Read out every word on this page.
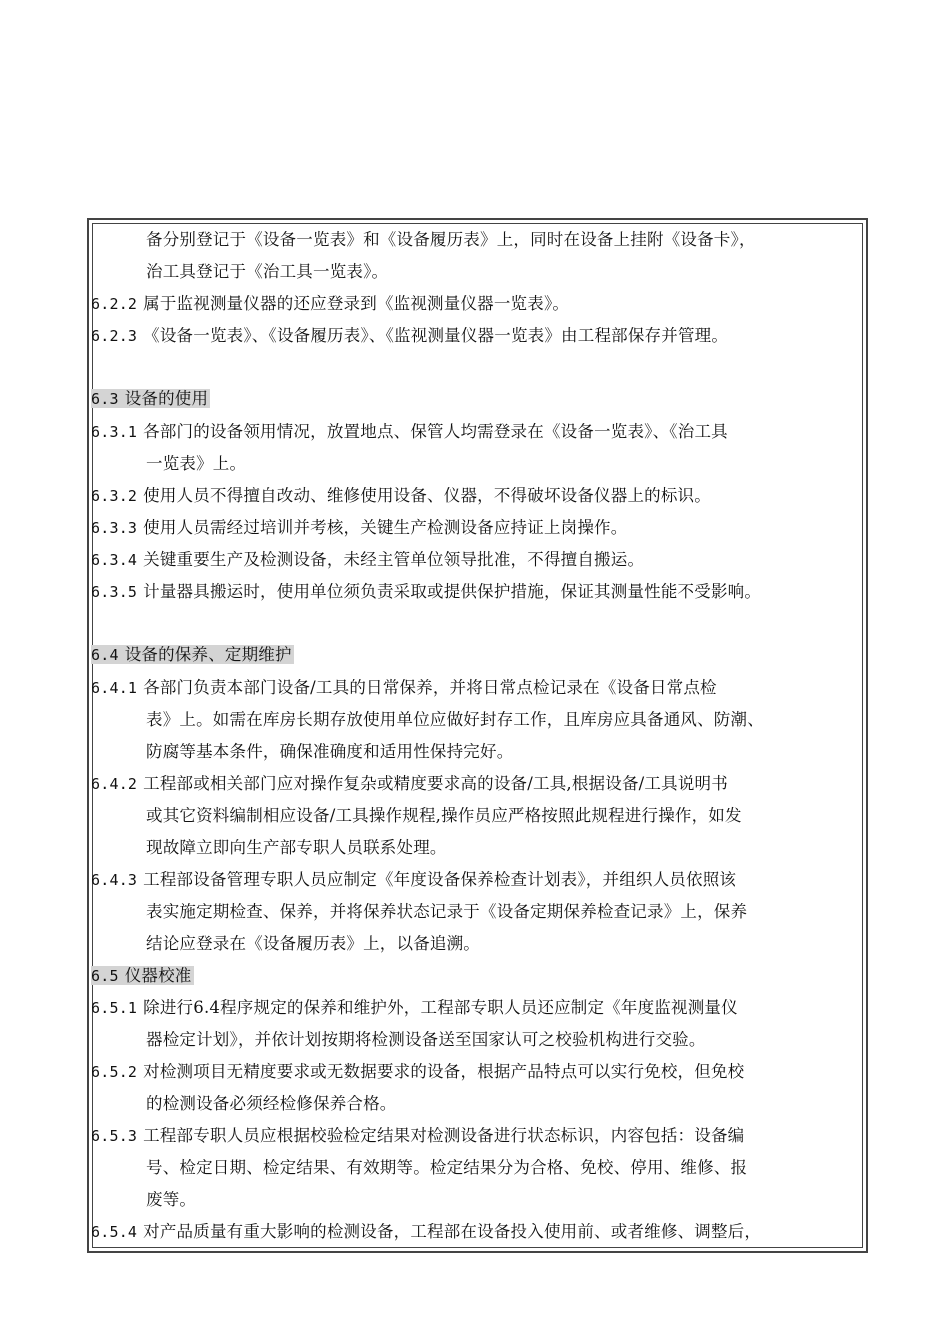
备分别登记于《设备一览表》和《设备履历表》上，同时在设备上挂附《设备卡》，
治工具登记于《治工具一览表》。
6.2.2 属于监视测量仪器的还应登录到《监视测量仪器一览表》。
6.2.3 《设备一览表》、《设备履历表》、《监视测量仪器一览表》由工程部保存并管理。
6.3 设备的使用
6.3.1 各部门的设备领用情况，放置地点、保管人均需登录在《设备一览表》、《治工具
一览表》上。
6.3.2 使用人员不得擅自改动、维修使用设备、仪器，不得破坏设备仪器上的标识。
6.3.3 使用人员需经过培训并考核，关键生产检测设备应持证上岗操作。
6.3.4 关键重要生产及检测设备，未经主管单位领导批准，不得擅自搬运。
6.3.5 计量器具搬运时，使用单位须负责采取或提供保护措施，保证其测量性能不受影响。
6.4 设备的保养、定期维护
6.4.1 各部门负责本部门设备/工具的日常保养，并将日常点检记录在《设备日常点检
表》上。如需在库房长期存放使用单位应做好封存工作，且库房应具备通风、防潮、
防腐等基本条件，确保准确度和适用性保持完好。
6.4.2 工程部或相关部门应对操作复杂或精度要求高的设备/工具,根据设备/工具说明书
或其它资料编制相应设备/工具操作规程,操作员应严格按照此规程进行操作，如发
现故障立即向生产部专职人员联系处理。
6.4.3 工程部设备管理专职人员应制定《年度设备保养检查计划表》，并组织人员依照该
表实施定期检查、保养，并将保养状态记录于《设备定期保养检查记录》上，保养
结论应登录在《设备履历表》上，以备追溯。
6.5 仪器校准
6.5.1 除进行6.4程序规定的保养和维护外，工程部专职人员还应制定《年度监视测量仪
器检定计划》，并依计划按期将检测设备送至国家认可之校验机构进行交验。
6.5.2 对检测项目无精度要求或无数据要求的设备，根据产品特点可以实行免校，但免校
的检测设备必须经检修保养合格。
6.5.3 工程部专职人员应根据校验检定结果对检测设备进行状态标识，内容包括：设备编
号、检定日期、检定结果、有效期等。检定结果分为合格、免校、停用、维修、报
废等。
6.5.4 对产品质量有重大影响的检测设备，工程部在设备投入使用前、或者维修、调整后，
